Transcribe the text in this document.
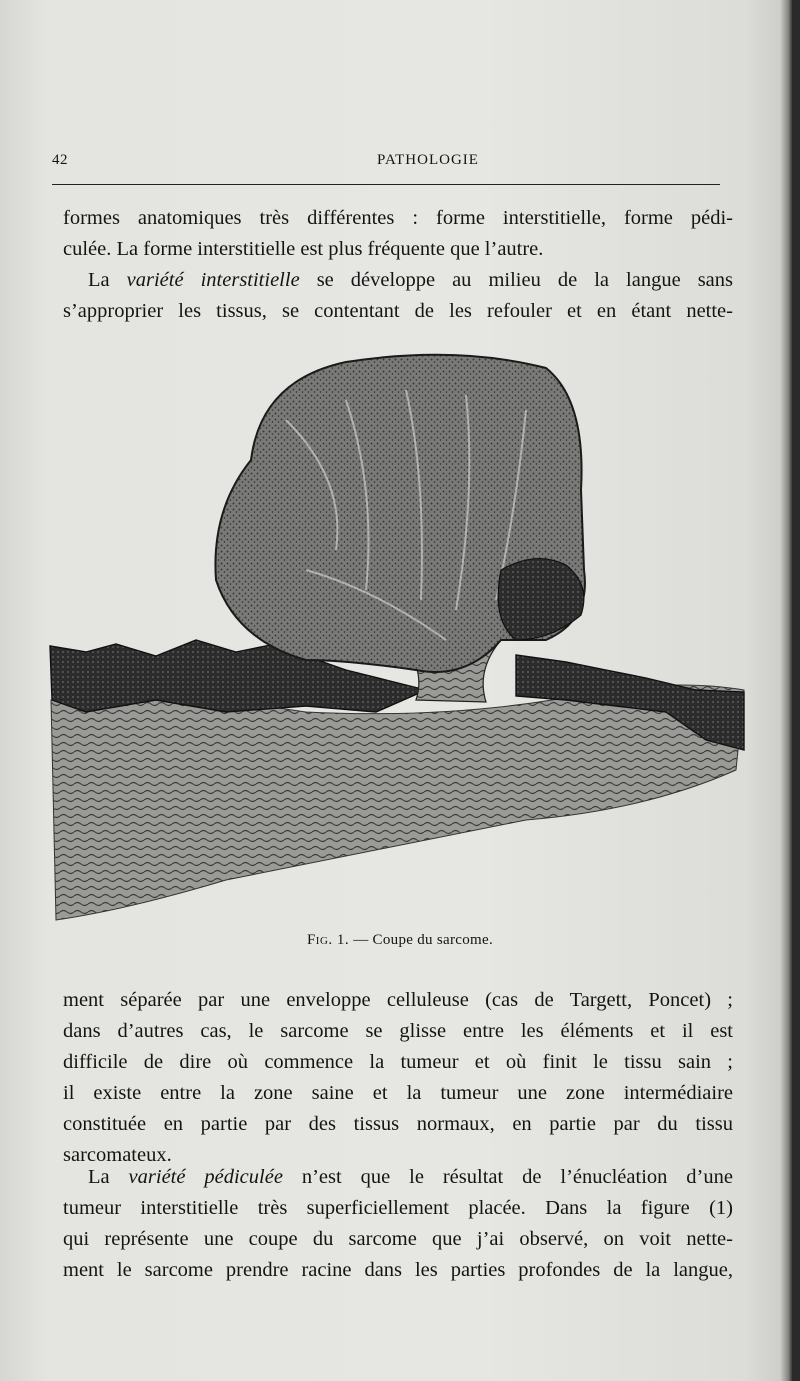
42	PATHOLOGIE
formes anatomiques très différentes : forme interstitielle, forme pédi-
culée. La forme interstitielle est plus fréquente que l’autre.
La variété interstitielle se développe au milieu de la langue sans
s’approprier les tissus, se contentant de les refouler et en étant nette-
Fig. 1. — Coupe du sarcome.
ment séparée par une enveloppe celluleuse (cas de Targett, Poncet) ;
dans d’autres cas, le sarcome se glisse entre les éléments et il est
difficile de dire où commence la tumeur et où finit le tissu sain ;
il existe entre la zone saine et la tumeur une zone intermédiaire
constituée en partie par des tissus normaux, en partie par du tissu
sarcomateux.
La variété pédiculée n’est que le résultat de l’énucléation d’une
tumeur interstitielle très superficiellement placée. Dans la figure (1)
qui représente une coupe du sarcome que j’ai observé, on voit nette-
ment le sarcome prendre racine dans les parties profondes de la langue,
